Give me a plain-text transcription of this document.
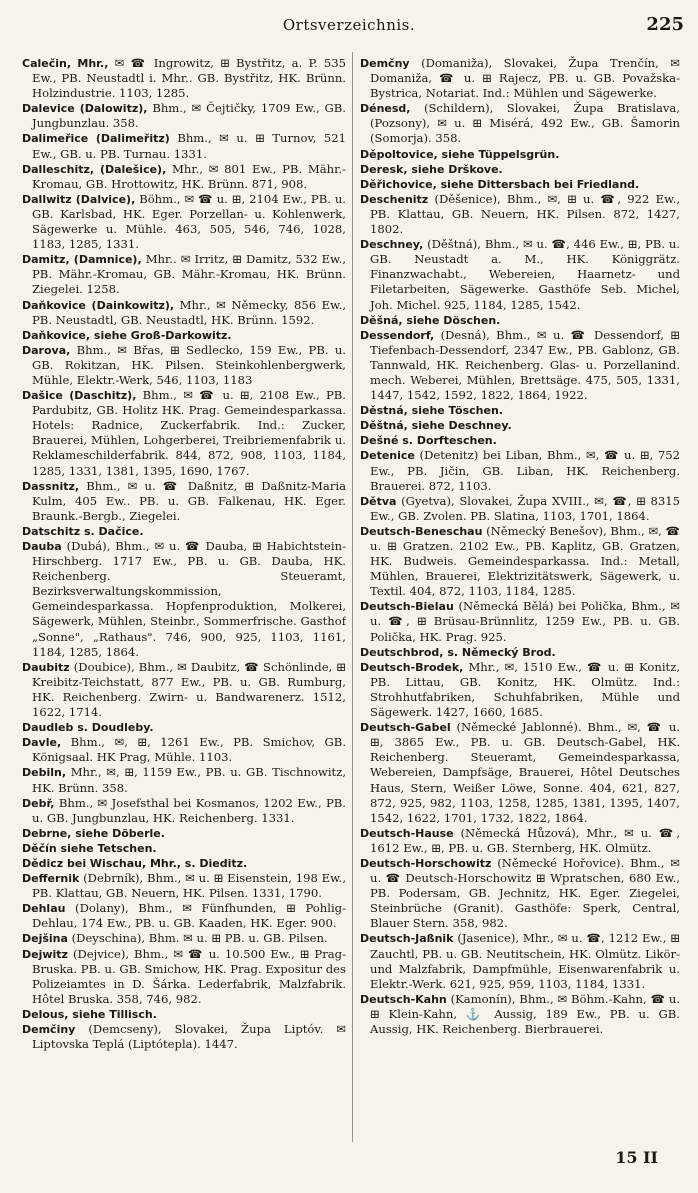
Ortsverzeichnis.	225
Calečin, Mhr., ✉ ☎ Ingrowitz, ⊞ Bystřitz, a. P. 535 Ew., PB. Neustadtl i. Mhr.. GB. Bystřitz, HK. Brünn. Holzindustrie. 1103, 1285.
Dalevice (Dalowitz), Bhm., ✉ Čejtičky, 1709 Ew., GB. Jungbunzlau. 358.
Dalimeřice (Dalimeřitz) Bhm., ✉ u. ⊞ Turnov, 521 Ew., GB. u. PB. Turnau. 1331.
Dalleschitz, (Dalešice), Mhr., ✉ 801 Ew., PB. Mähr.-Kromau, GB. Hrottowitz, HK. Brünn. 871, 908.
Dallwitz (Dalvice), Böhm., ✉ ☎ u. ⊞, 2104 Ew., PB. u. GB. Karlsbad, HK. Eger. Porzellan- u. Kohlenwerk, Sägewerke u. Mühle. 463, 505, 546, 746, 1028, 1183, 1285, 1331.
Damitz, (Damnice), Mhr.. ✉ Irritz, ⊞ Damitz, 532 Ew., PB. Mähr.-Kromau, GB. Mähr.-Kromau, HK. Brünn. Ziegelei. 1258.
Daňkovice (Dainkowitz), Mhr., ✉ Německy, 856 Ew., PB. Neustadtl, GB. Neustadtl, HK. Brünn. 1592.
Daňkovice, siehe Groß-Darkowitz.
Darova, Bhm., ✉ Břas, ⊞ Sedlecko, 159 Ew., PB. u. GB. Rokitzan, HK. Pilsen. Steinkohlenbergwerk, Mühle, Elektr.-Werk, 546, 1103, 1183
Dašice (Daschitz), Bhm., ✉ ☎ u. ⊞, 2108 Ew., PB. Pardubitz, GB. Holitz HK. Prag. Gemeindesparkassa. Hotels: Radnice, Zuckerfabrik. Ind.: Zucker, Brauerei, Mühlen, Lohgerberei, Treibriemenfabrik u. Reklameschilderfabrik. 844, 872, 908, 1103, 1184, 1285, 1331, 1381, 1395, 1690, 1767.
Dassnitz, Bhm., ✉ u. ☎ Daßnitz, ⊞ Daßnitz-Maria Kulm, 405 Ew.. PB. u. GB. Falkenau, HK. Eger. Braunk.-Bergb., Ziegelei.
Datschitz s. Dačice.
Dauba (Dubá), Bhm., ✉ u. ☎ Dauba, ⊞ Habichtstein-Hirschberg. 1717 Ew., PB. u. GB. Dauba, HK. Reichenberg. Steueramt, Bezirksverwaltungskommission, Gemeindesparkassa. Hopfenproduktion, Molkerei, Sägewerk, Mühlen, Steinbr., Sommerfrische. Gasthof „Sonne", „Rathaus". 746, 900, 925, 1103, 1161, 1184, 1285, 1864.
Daubitz (Doubice), Bhm., ✉ Daubitz, ☎ Schönlinde, ⊞ Kreibitz-Teichstatt, 877 Ew., PB. u. GB. Rumburg, HK. Reichenberg. Zwirn- u. Bandwarenerz. 1512, 1622, 1714.
Daudleb s. Doudleby.
Davle, Bhm., ✉, ⊞, 1261 Ew., PB. Smichov, GB. Königsaal. HK Prag, Mühle. 1103.
Debiln, Mhr., ✉, ⊞, 1159 Ew., PB. u. GB. Tischnowitz, HK. Brünn. 358.
Debř, Bhm., ✉ Josefsthal bei Kosmanos, 1202 Ew., PB. u. GB. Jungbunzlau, HK. Reichenberg. 1331.
Debrne, siehe Döberle.
Děčín siehe Tetschen.
Dědicz bei Wischau, Mhr., s. Dieditz.
Deffernik (Debrník), Bhm., ✉ u. ⊞ Eisenstein, 198 Ew., PB. Klattau, GB. Neuern, HK. Pilsen. 1331, 1790.
Dehlau (Dolany), Bhm., ✉ Fünfhunden, ⊞ Pohlig-Dehlau, 174 Ew., PB. u. GB. Kaaden, HK. Eger. 900.
Dejšina (Deyschina), Bhm. ✉ u. ⊞ PB. u. GB. Pilsen.
Dejwitz (Dejvice), Bhm., ✉ ☎ u. 10.500 Ew., ⊞ Prag-Bruska. PB. u. GB. Smichow, HK. Prag. Expositur des Polizeiamtes in D. Šárka. Lederfabrik, Malzfabrik. Hôtel Bruska. 358, 746, 982.
Delous, siehe Tillisch.
Demčiny (Demcseny), Slovakei, Župa Liptóv. ✉ Liptovska Teplá (Liptótepla). 1447.
Demčny (Domaniža), Slovakei, Župa Trenčín, ✉ Domaniža, ☎ u. ⊞ Rajecz, PB. u. GB. Považska-Bystrica, Notariat. Ind.: Mühlen und Sägewerke.
Dénesd, (Schildern), Slovakei, Župa Bratislava, (Pozsony), ✉ u. ⊞ Misérá, 492 Ew., GB. Šamorin (Somorja). 358.
Děpoltovice, siehe Tüppelsgrün.
Deresk, siehe Drškove.
Děřichovice, siehe Dittersbach bei Friedland.
Deschenitz (Děšenice), Bhm., ✉, ⊞ u. ☎, 922 Ew., PB. Klattau, GB. Neuern, HK. Pilsen. 872, 1427, 1802.
Deschney, (Děštná), Bhm., ✉ u. ☎, 446 Ew., ⊞, PB. u. GB. Neustadt a. M., HK. Königgrätz. Finanzwachabt., Webereien, Haarnetz- und Filetarbeiten, Sägewerke. Gasthöfe Seb. Michel, Joh. Michel. 925, 1184, 1285, 1542.
Děšná, siehe Döschen.
Dessendorf, (Desná), Bhm., ✉ u. ☎ Dessendorf, ⊞ Tiefenbach-Dessendorf, 2347 Ew., PB. Gablonz, GB. Tannwald, HK. Reichenberg. Glas- u. Porzellanind. mech. Weberei, Mühlen, Brettsäge. 475, 505, 1331, 1447, 1542, 1592, 1822, 1864, 1922.
Děstná, siehe Töschen.
Děštná, siehe Deschney.
Dešné s. Dorfteschen.
Detenice (Detenitz) bei Liban, Bhm., ✉, ☎ u. ⊞, 752 Ew., PB. Jičin, GB. Liban, HK. Reichenberg. Brauerei. 872, 1103.
Dětva (Gyetva), Slovakei, Župa XVIII., ✉, ☎, ⊞ 8315 Ew., GB. Zvolen. PB. Slatina, 1103, 1701, 1864.
Deutsch-Beneschau (Německý Benešov), Bhm., ✉, ☎ u. ⊞ Gratzen. 2102 Ew., PB. Kaplitz, GB. Gratzen, HK. Budweis. Gemeindesparkassa. Ind.: Metall, Mühlen, Brauerei, Elektrizitätswerk, Sägewerk, u. Textil. 404, 872, 1103, 1184, 1285.
Deutsch-Bielau (Německá Bělá) bei Polička, Bhm., ✉ u. ☎, ⊞ Brüsau-Brünnlitz, 1259 Ew., PB. u. GB. Polička, HK. Prag. 925.
Deutschbrod, s. Německý Brod.
Deutsch-Brodek, Mhr., ✉, 1510 Ew., ☎ u. ⊞ Konitz, PB. Littau, GB. Konitz, HK. Olmütz. Ind.: Strohhutfabriken, Schuhfabriken, Mühle und Sägewerk. 1427, 1660, 1685.
Deutsch-Gabel (Německé Jablonné). Bhm., ✉, ☎ u. ⊞, 3865 Ew., PB. u. GB. Deutsch-Gabel, HK. Reichenberg. Steueramt, Gemeindesparkassa, Webereien, Dampfsäge, Brauerei, Hôtel Deutsches Haus, Stern, Weißer Löwe, Sonne. 404, 621, 827, 872, 925, 982, 1103, 1258, 1285, 1381, 1395, 1407, 1542, 1622, 1701, 1732, 1822, 1864.
Deutsch-Hause (Německá Hůzová), Mhr., ✉ u. ☎, 1612 Ew., ⊞, PB. u. GB. Sternberg, HK. Olmütz.
Deutsch-Horschowitz (Německé Hořovice). Bhm., ✉ u. ☎ Deutsch-Horschowitz ⊞ Wpratschen, 680 Ew., PB. Podersam, GB. Jechnitz, HK. Eger. Ziegelei, Steinbrüche (Granit). Gasthöfe: Sperk, Central, Blauer Stern. 358, 982.
Deutsch-Jaßnik (Jasenice), Mhr., ✉ u. ☎, 1212 Ew., ⊞ Zauchtl, PB. u. GB. Neutitschein, HK. Olmütz. Likör- und Malzfabrik, Dampfmühle, Eisenwarenfabrik u. Elektr.-Werk. 621, 925, 959, 1103, 1184, 1331.
Deutsch-Kahn (Kamonín), Bhm., ✉ Böhm.-Kahn, ☎ u. ⊞ Klein-Kahn, ⚓ Aussig, 189 Ew., PB. u. GB. Aussig, HK. Reichenberg. Bierbrauerei.
15 II
